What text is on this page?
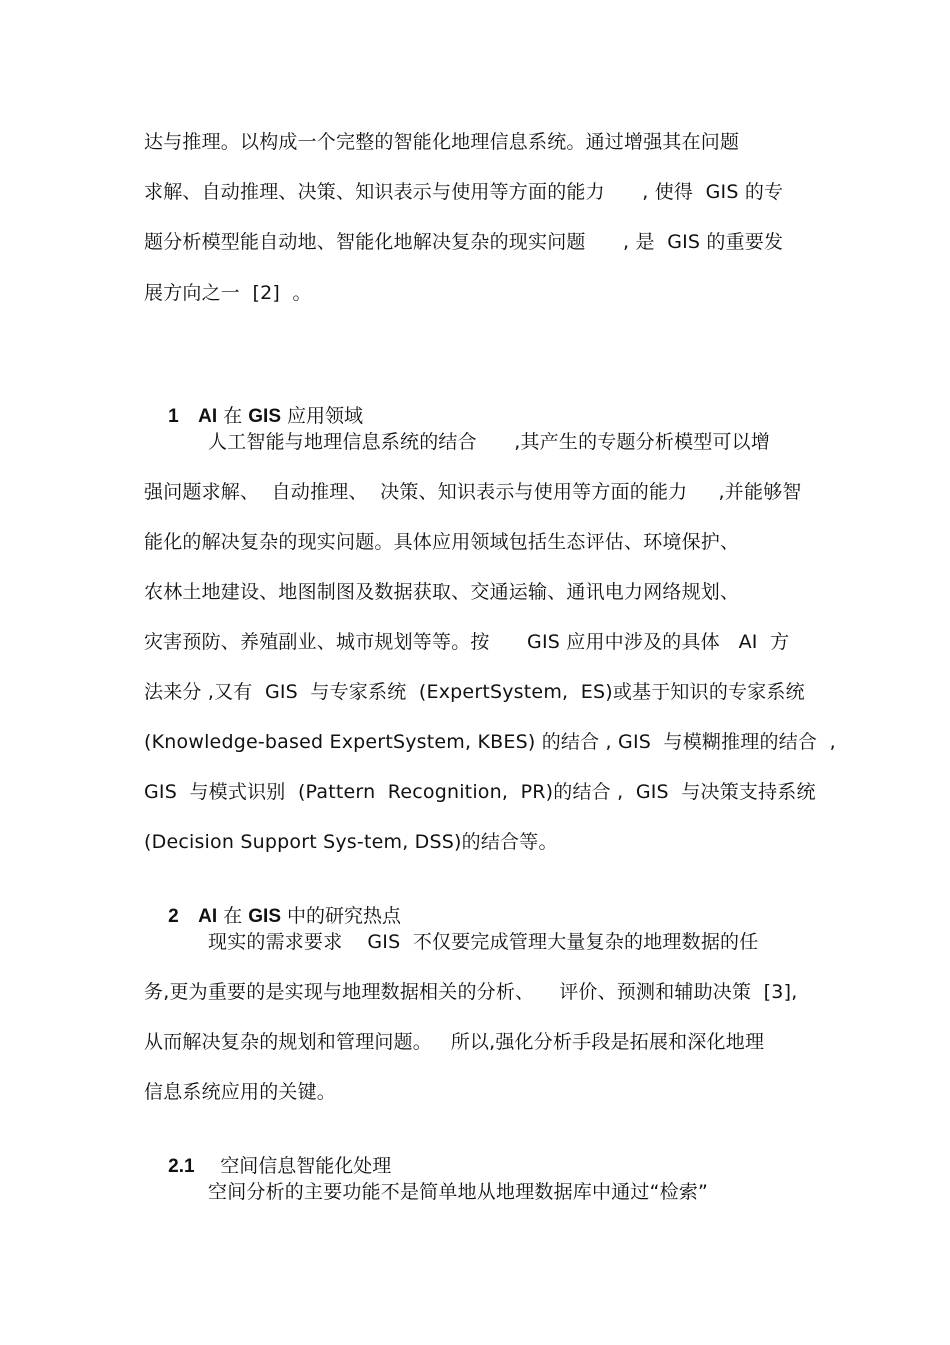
达与推理。以构成一个完整的智能化地理信息系统。通过增强其在问题
求解、自动推理、决策、知识表示与使用等方面的能力      , 使得  GIS 的专
题分析模型能自动地、智能化地解决复杂的现实问题      , 是  GIS 的重要发
展方向之一  [2]  。

1 AI 在 GIS 应用领域

人工智能与地理信息系统的结合      ,其产生的专题分析模型可以增
强问题求解、  自动推理、  决策、知识表示与使用等方面的能力     ,并能够智
能化的解决复杂的现实问题。具体应用领域包括生态评估、环境保护、
农林土地建设、地图制图及数据获取、交通运输、通讯电力网络规划、
灾害预防、养殖副业、城市规划等等。按      GIS 应用中涉及的具体   AI  方
法来分 ,又有  GIS  与专家系统  (ExpertSystem,  ES)或基于知识的专家系统
(Knowledge-based ExpertSystem, KBES) 的结合 , GIS  与模糊推理的结合  ,
GIS  与模式识别  (Pattern  Recognition,  PR)的结合 ,  GIS  与决策支持系统
(Decision Support Sys-tem, DSS)的结合等。

2 AI 在 GIS 中的研究热点

现实的需求要求    GIS  不仅要完成管理大量复杂的地理数据的任
务,更为重要的是实现与地理数据相关的分析、    评价、预测和辅助决策  [3],
从而解决复杂的规划和管理问题。   所以,强化分析手段是拓展和深化地理
信息系统应用的关键。

2.1 空间信息智能化处理

空间分析的主要功能不是简单地从地理数据库中通过“检索”
